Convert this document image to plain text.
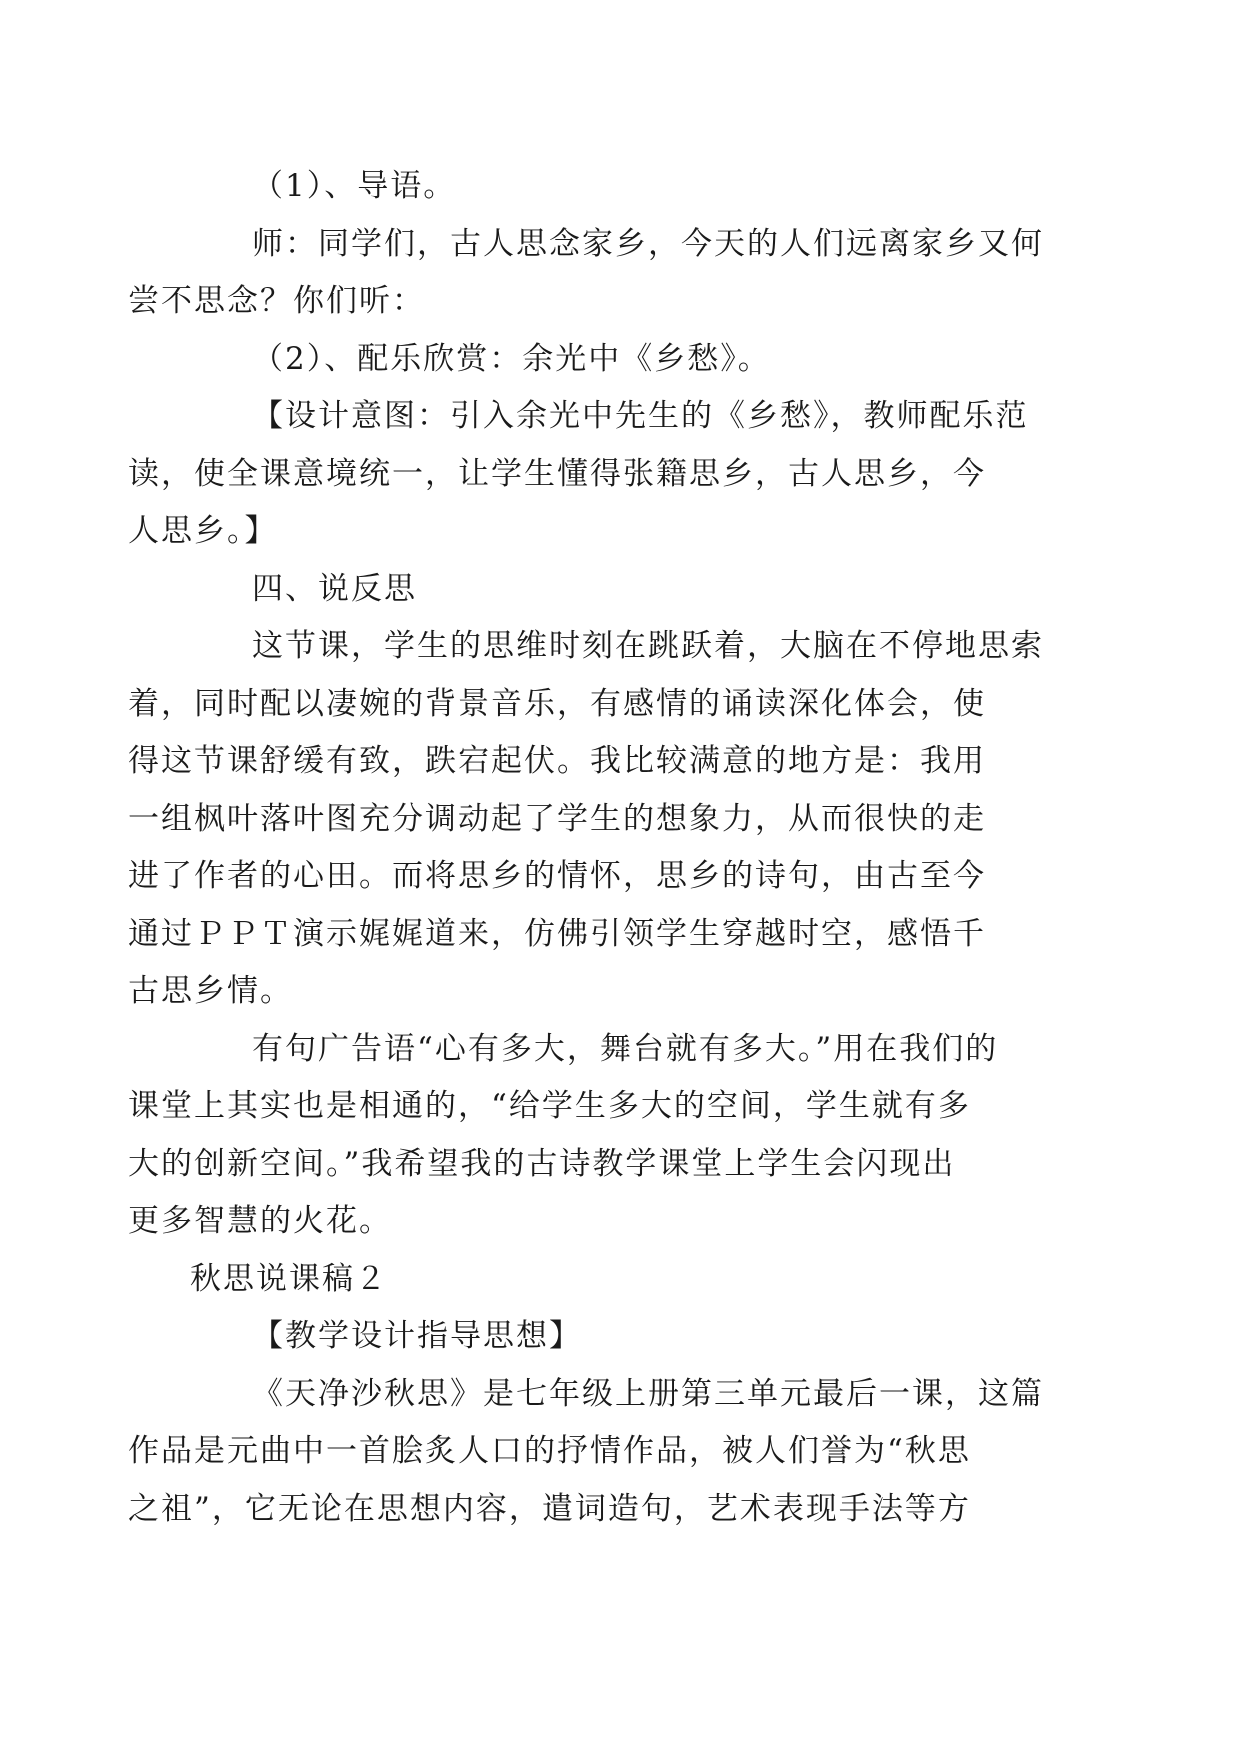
（1）、导语。

师：同学们，古人思念家乡，今天的人们远离家乡又何
尝不思念？你们听：

（2）、配乐欣赏：余光中《乡愁》。

【设计意图：引入余光中先生的《乡愁》，教师配乐范
读，使全课意境统一，让学生懂得张籍思乡，古人思乡，今
人思乡。】

四、说反思

这节课，学生的思维时刻在跳跃着，大脑在不停地思索
着，同时配以凄婉的背景音乐，有感情的诵读深化体会，使
得这节课舒缓有致，跌宕起伏。我比较满意的地方是：我用
一组枫叶落叶图充分调动起了学生的想象力，从而很快的走
进了作者的心田。而将思乡的情怀，思乡的诗句，由古至今
通过ＰＰＴ演示娓娓道来，仿佛引领学生穿越时空，感悟千
古思乡情。

有句广告语“心有多大，舞台就有多大。”用在我们的
课堂上其实也是相通的，“给学生多大的空间，学生就有多
大的创新空间。”我希望我的古诗教学课堂上学生会闪现出
更多智慧的火花。

秋思说课稿２

【教学设计指导思想】

《天净沙秋思》是七年级上册第三单元最后一课，这篇
作品是元曲中一首脍炙人口的抒情作品，被人们誉为“秋思
之祖”，它无论在思想内容，遣词造句，艺术表现手法等方
